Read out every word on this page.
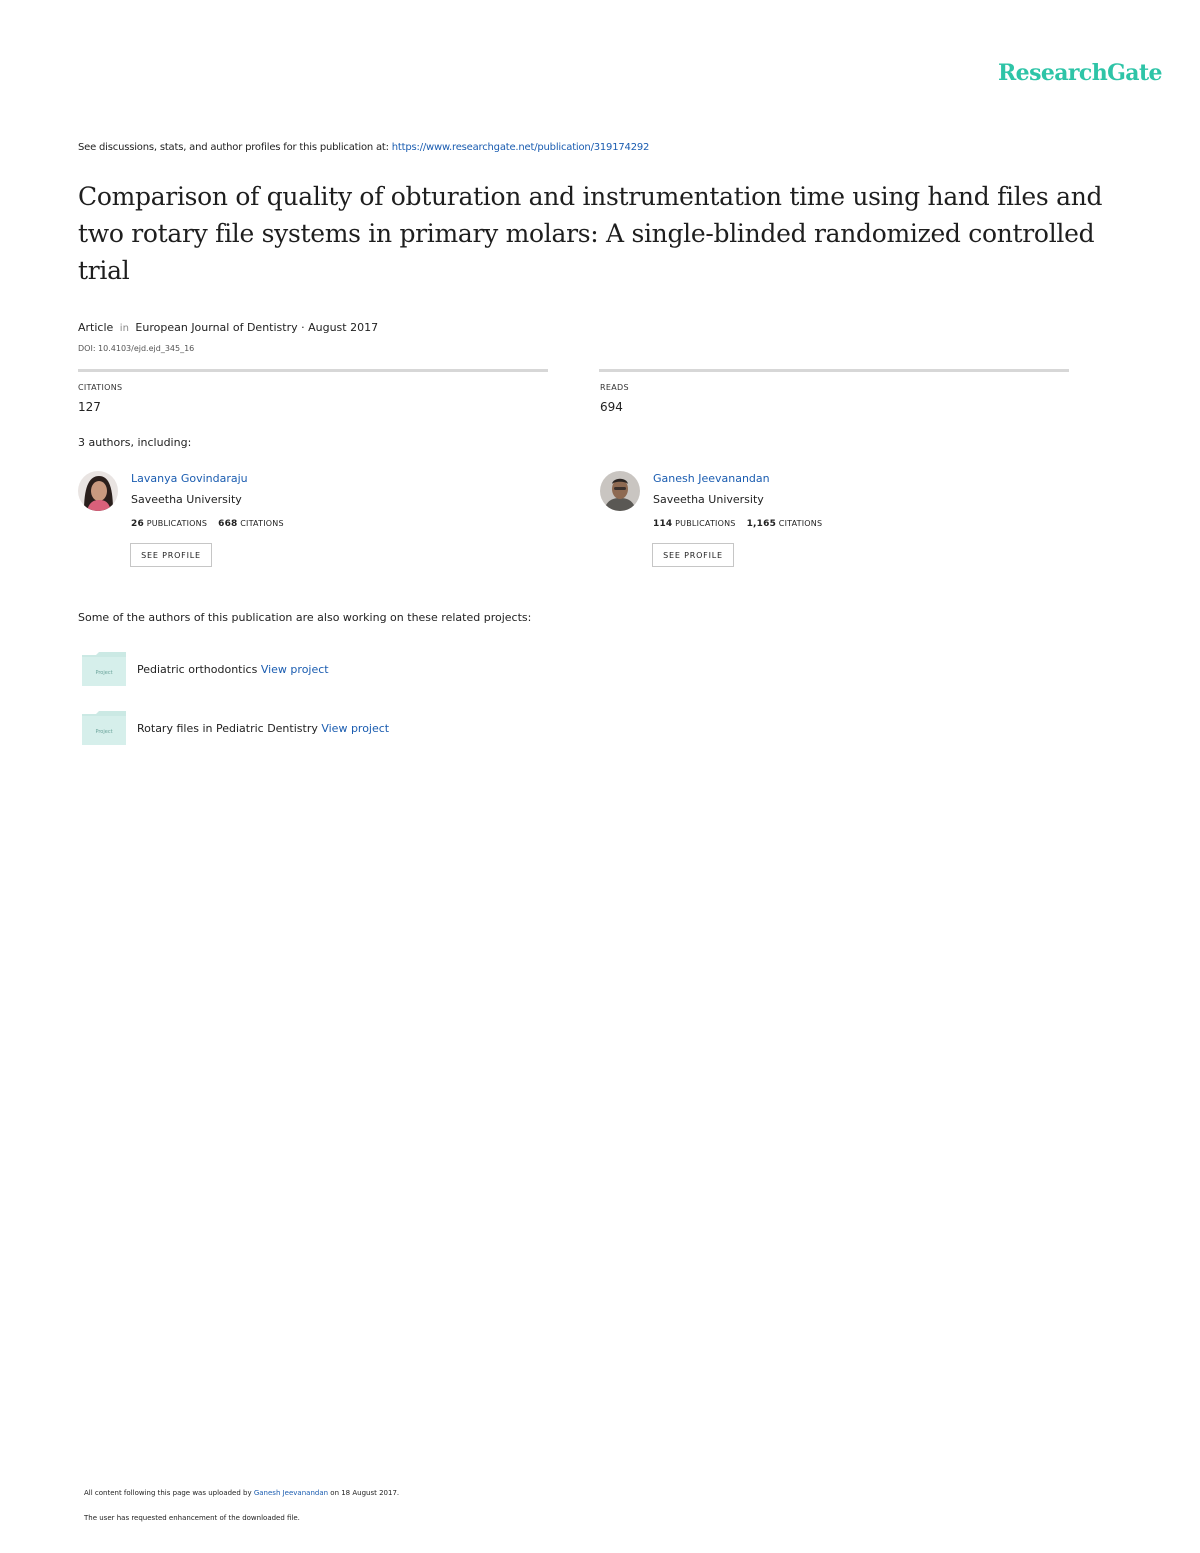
ResearchGate
See discussions, stats, and author profiles for this publication at: https://www.researchgate.net/publication/319174292
Comparison of quality of obturation and instrumentation time using hand files and two rotary file systems in primary molars: A single-blinded randomized controlled trial
Article in European Journal of Dentistry · August 2017
DOI: 10.4103/ejd.ejd_345_16
CITATIONS
127
READS
694
3 authors, including:
Lavanya Govindaraju
Saveetha University
26 PUBLICATIONS 668 CITATIONS
SEE PROFILE
Ganesh Jeevanandan
Saveetha University
114 PUBLICATIONS 1,165 CITATIONS
SEE PROFILE
Some of the authors of this publication are also working on these related projects:
Project Pediatric orthodontics View project
Project Rotary files in Pediatric Dentistry View project
All content following this page was uploaded by Ganesh Jeevanandan on 18 August 2017.
The user has requested enhancement of the downloaded file.
